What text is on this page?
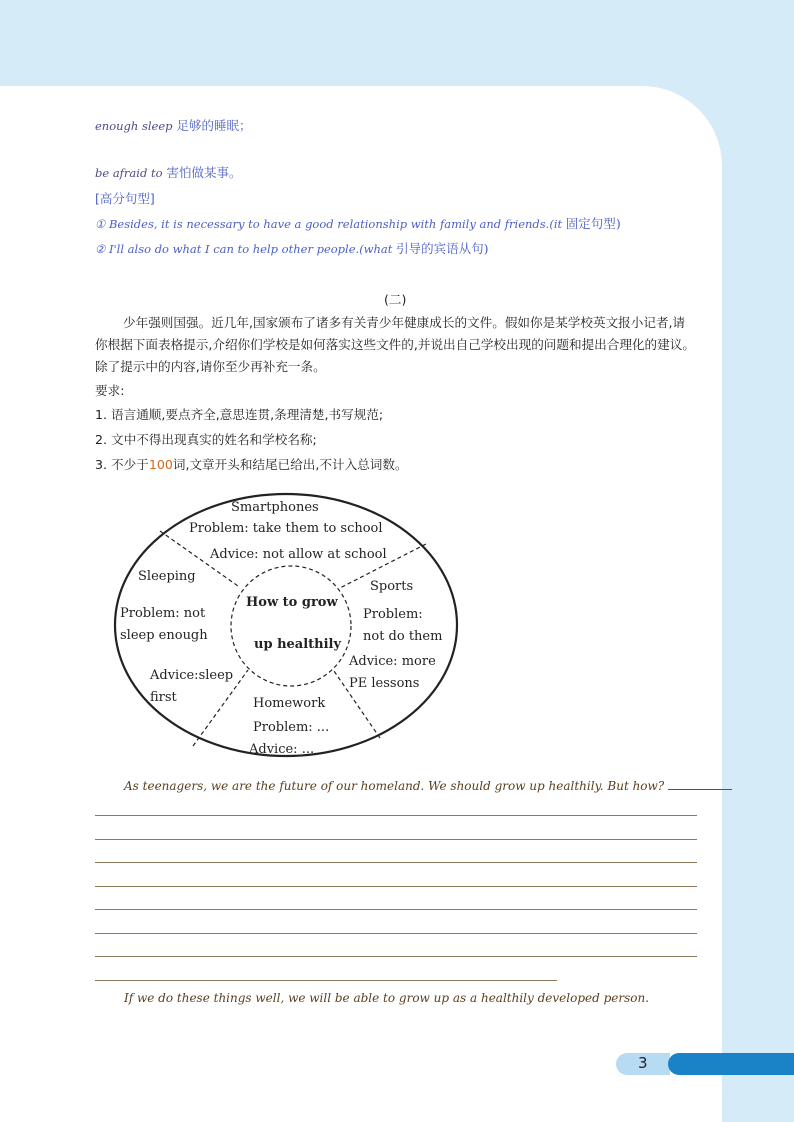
enough sleep 足够的睡眠；
be afraid to 害怕做某事。
[高分句型]
① Besides, it is necessary to have a good relationship with family and friends.(it 固定句型)
② I'll also do what I can to help other people.(what 引导的宾语从句)
(二)
少年强则国强。近几年,国家颁布了诸多有关青少年健康成长的文件。假如你是某学校英文报小记者,请你根据下面表格提示,介绍你们学校是如何落实这些文件的,并说出自己学校出现的问题和提出合理化的建议。除了提示中的内容,请你至少再补充一条。
要求:
1. 语言通顺,要点齐全,意思连贯,条理清楚,书写规范;
2. 文中不得出现真实的姓名和学校名称;
3. 不少于100词,文章开头和结尾已给出,不计入总词数。
How to grow
up healthily
Smartphones
Problem: take them to school
Advice: not allow at school
Sleeping
Problem: not
sleep enough
Advice:sleep
first
Sports
Problem:
not do them
Advice: more
PE lessons
Homework
Problem: ...
Advice: ...
As teenagers, we are the future of our homeland. We should grow up healthily. But how?
If we do these things well, we will be able to grow up as a healthily developed person.
3
